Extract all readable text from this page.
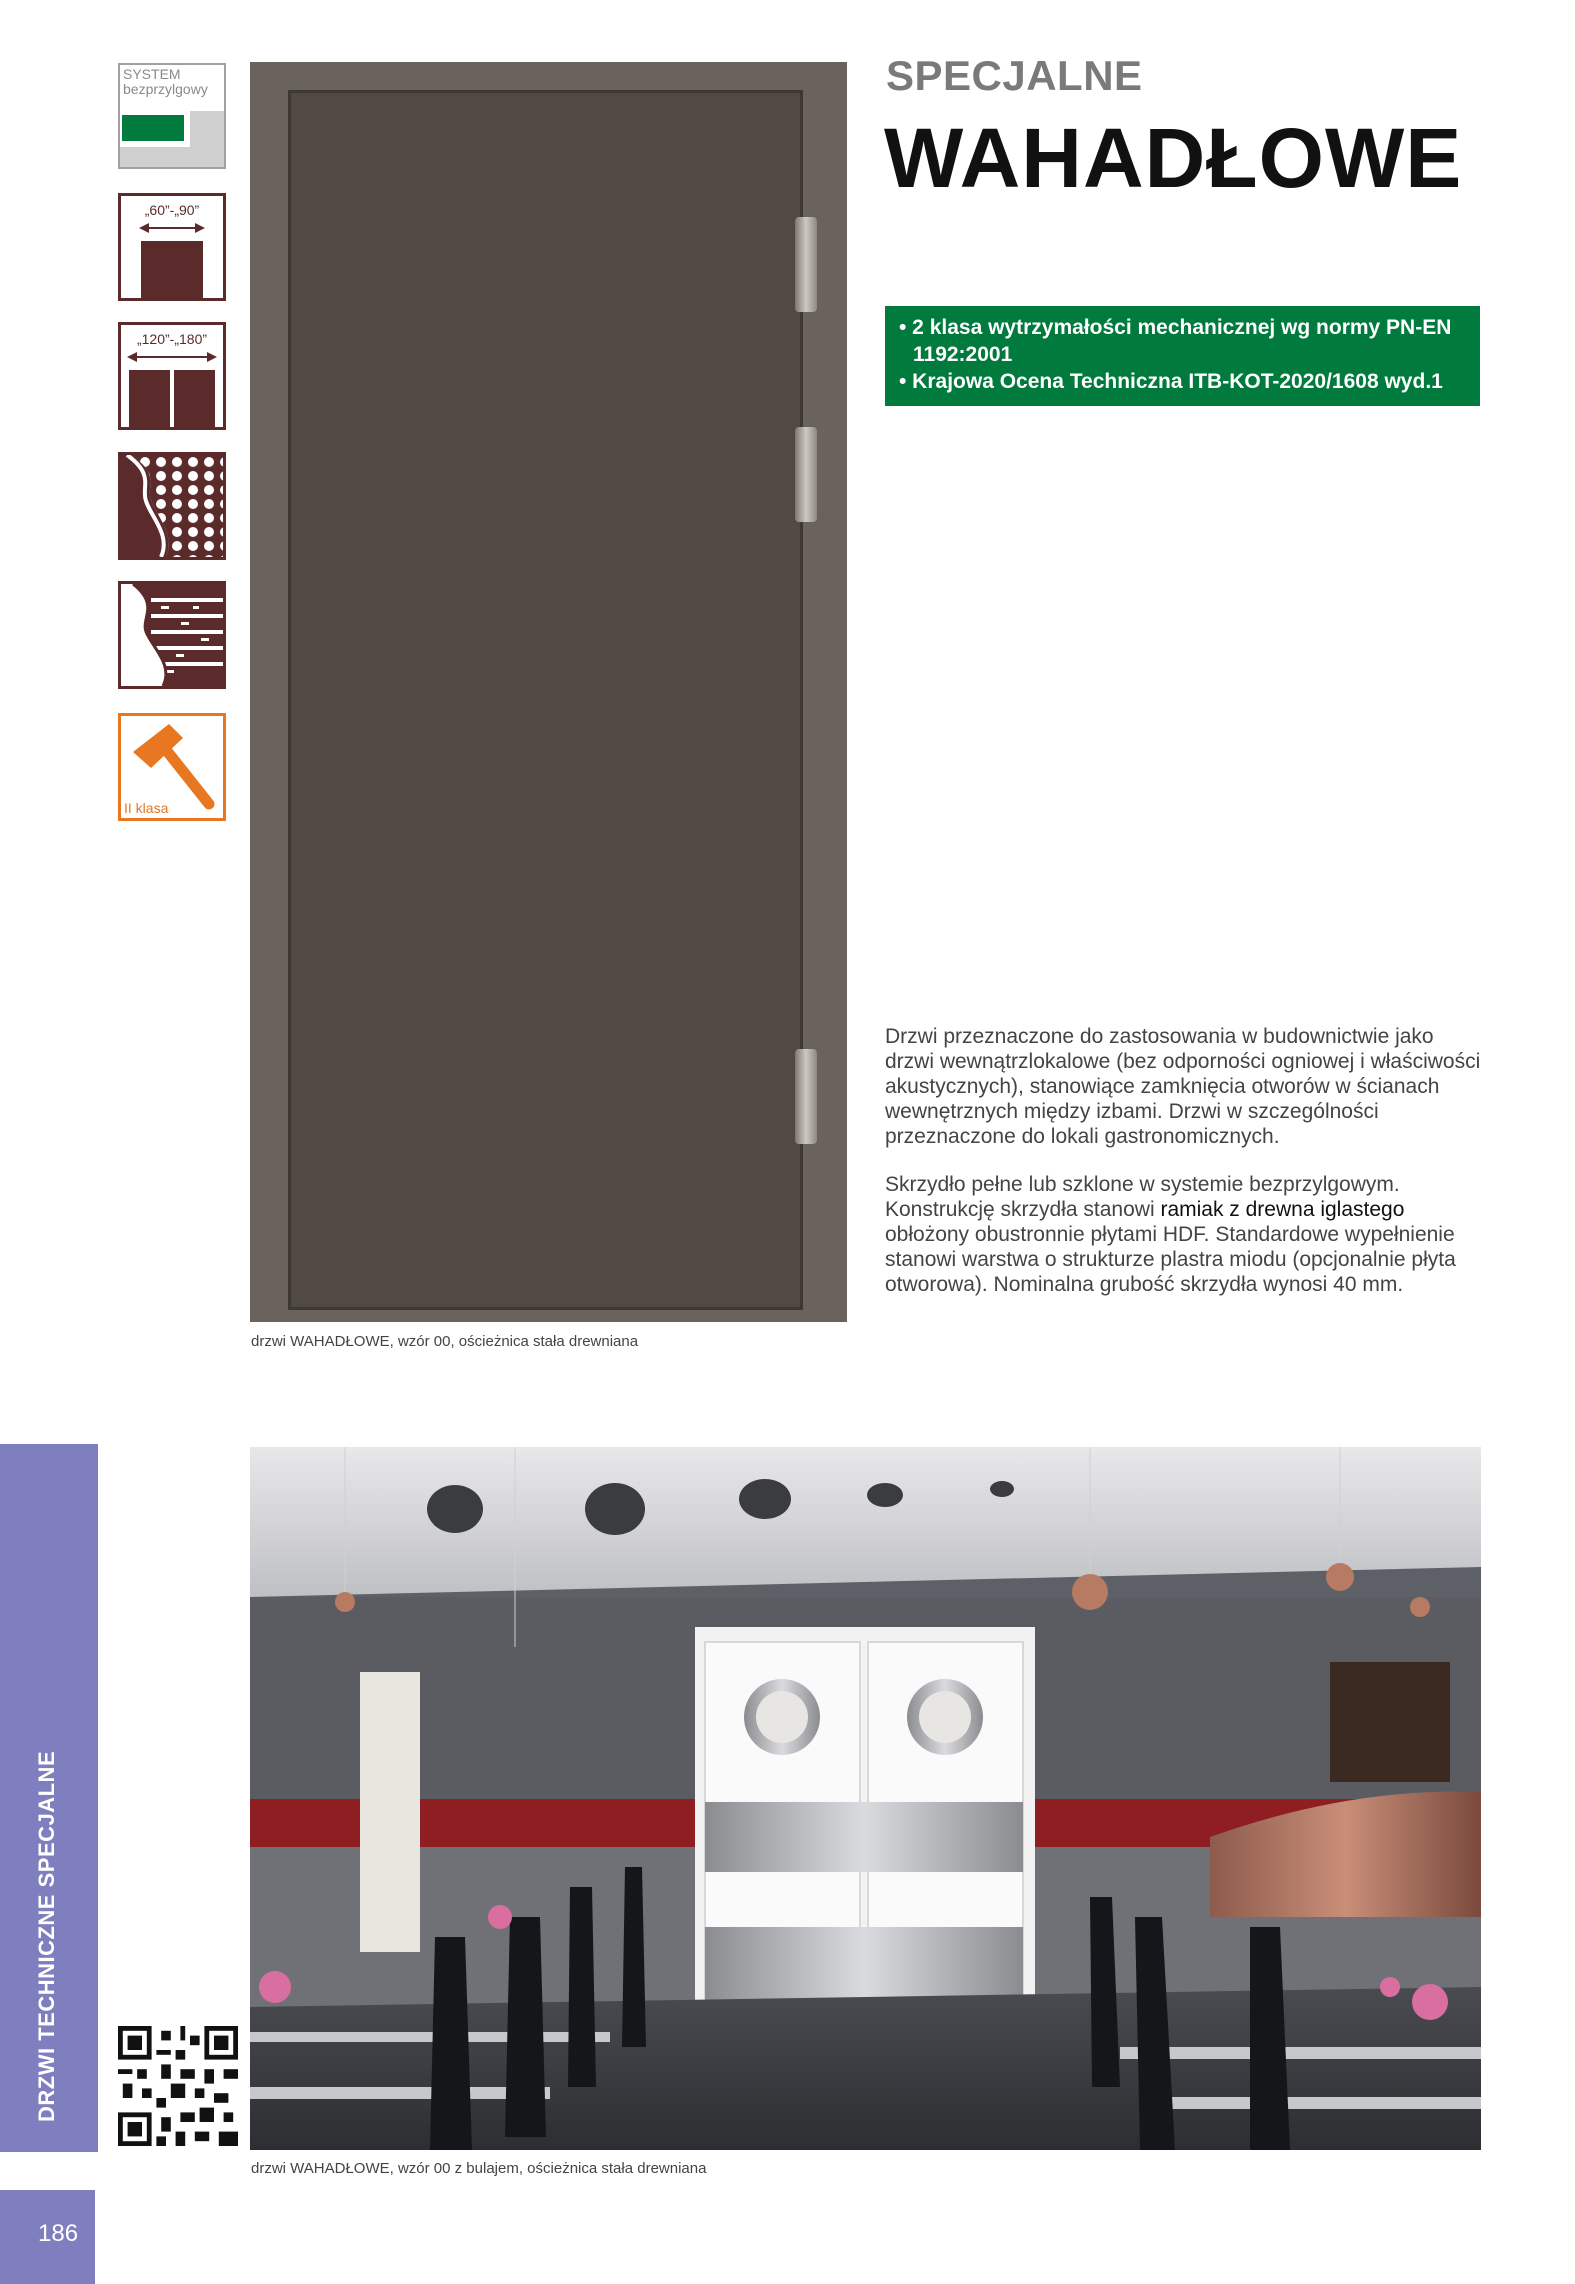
SYSTEM
bezprzylgowy
„60”-„90”
„120”-„180”
II klasa
drzwi WAHADŁOWE, wzór 00, ościeżnica stała drewniana
SPECJALNE
WAHADŁOWE
• 2 klasa wytrzymałości mechanicznej wg normy PN-EN 1192:2001
• Krajowa Ocena Techniczna ITB-KOT-2020/1608 wyd.1

Drzwi przeznaczone do zastosowania w budownictwie jako drzwi wewnątrzlokalowe (bez odporności ogniowej i właściwości akustycznych), stanowiące zamknięcia otworów w ścianach wewnętrznych między izbami. Drzwi w szczególności przeznaczone do lokali gastronomicznych.

Skrzydło pełne lub szklone w systemie bezprzylgowym. Konstrukcję skrzydła stanowi ramiak z drewna iglastego obłożony obustronnie płytami HDF. Standardowe wypełnienie stanowi warstwa o strukturze plastra miodu (opcjonalnie płyta otworowa). Nominalna grubość skrzydła wynosi 40 mm.

drzwi WAHADŁOWE, wzór 00 z bulajem, ościeżnica stała drewniana
DRZWI TECHNICZNE SPECJALNE
186
